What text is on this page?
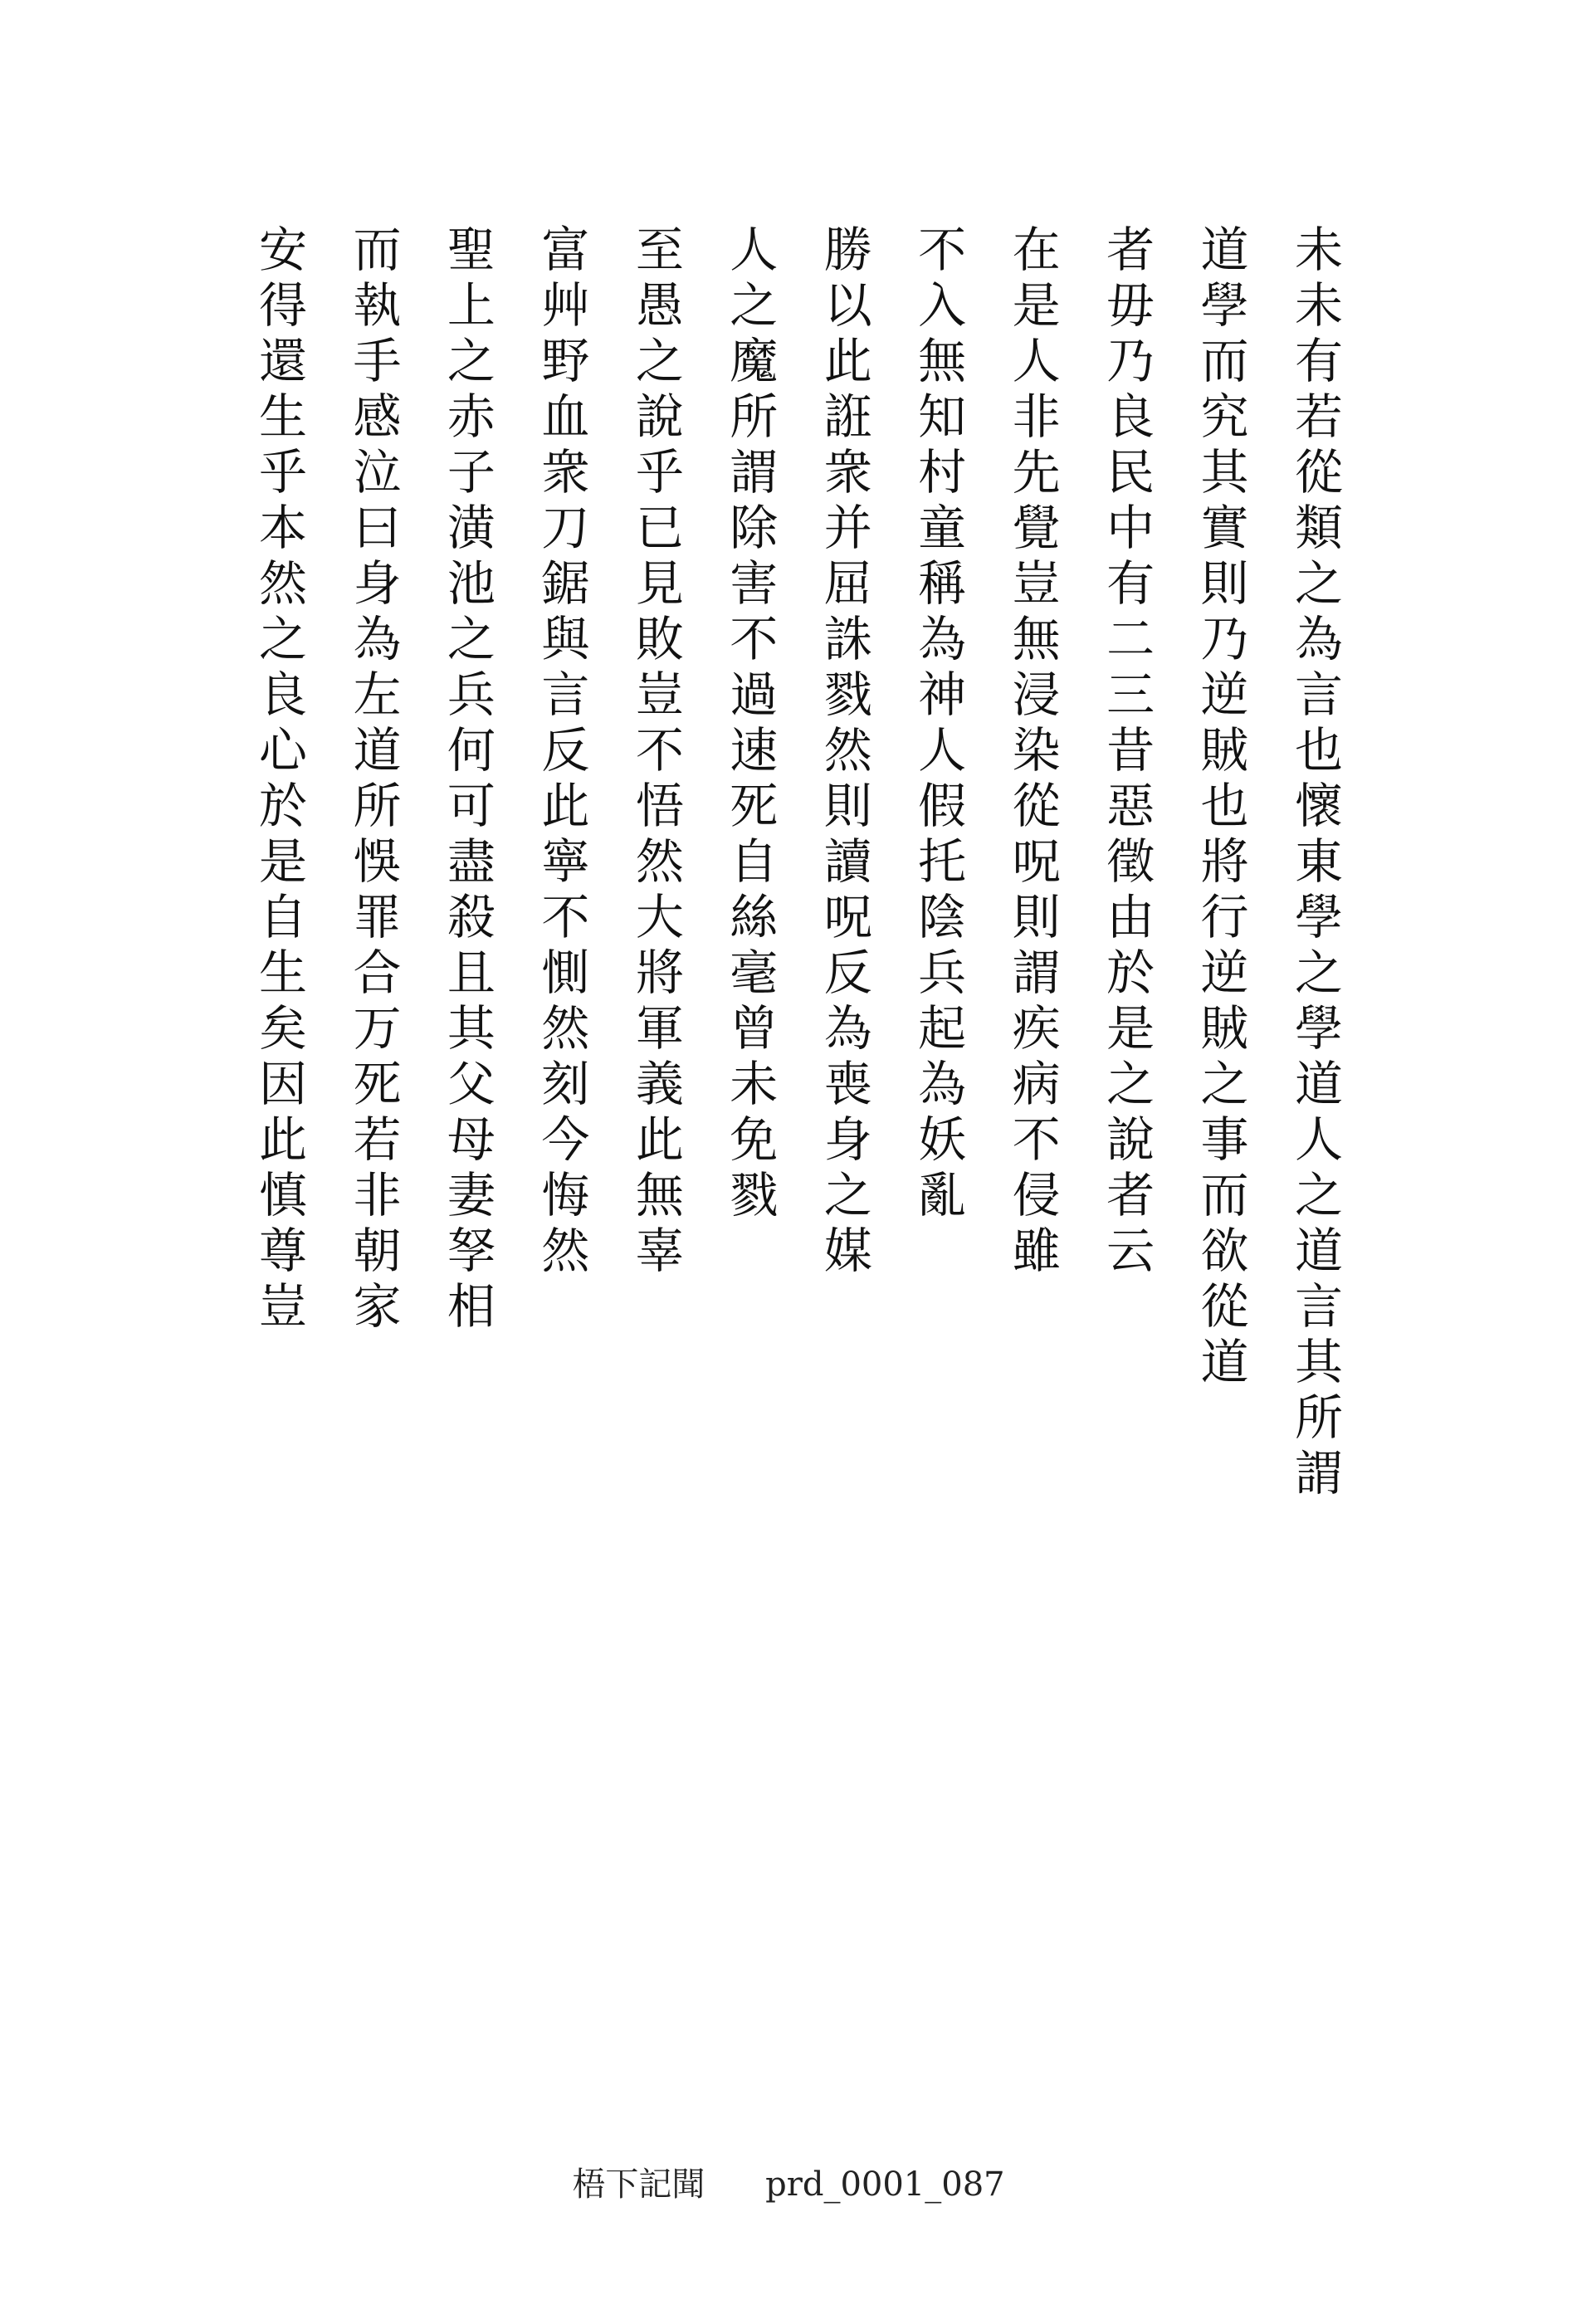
未未有若從類之為言也懷東學之學道人之道言其所謂
道學而究其實則乃逆賊也將行逆賊之事而欲從道
者毋乃良民中有二三昔惡徵由於是之說者云
在是人非先覺豈無浸染從呪則謂疾病不侵雖
不入無知村童稱為神人假托陰兵起為妖亂
勝以此誑衆并屈誅戮然則讀呪反為喪身之媒
人之魔所謂除害不過速死自絲毫曾未免戮
至愚之說乎已見敗豈不悟然大將軍義此無辜
富艸野血衆刀鋸與言反此寧不惻然刻今悔然
聖上之赤子潢池之兵何可盡殺且其父母妻孥相
而執手感泣曰身為左道所悞罪合万死若非朝家
安得還生乎本然之良心於是自生矣因此慎尊豈
梧下記聞 prd_0001_087
